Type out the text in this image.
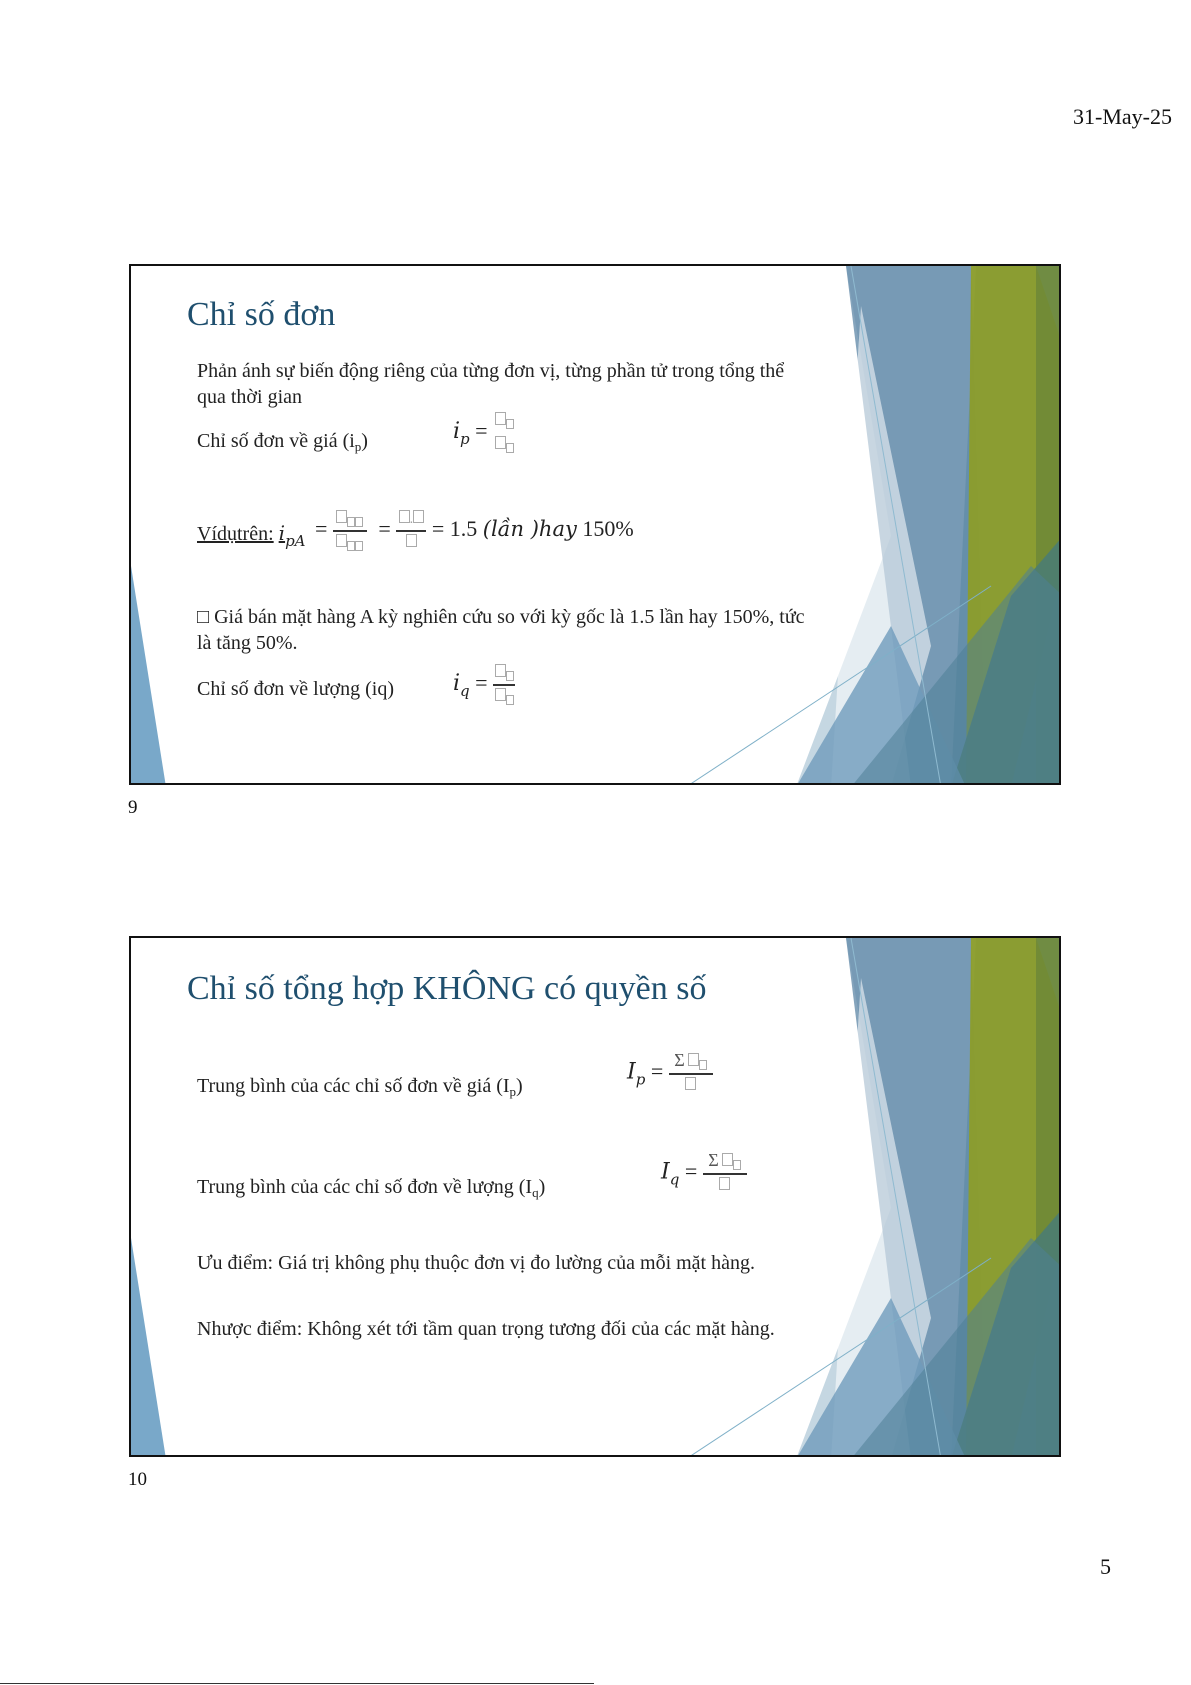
31-May-25
Chỉ số đơn
Phản ánh sự biến động riêng của từng đơn vị, từng phần tử trong tổng thể qua thời gian
Chỉ số đơn về giá $(i_p)$	$i_p$ =
Vídụtrên: $i_{pA}$ = =	. = 1.5 (lần )hay 150%
□ Giá bán mặt hàng A kỳ nghiên cứu so với kỳ gốc là 1.5 lần hay 150%, tức là tăng 50%.
Chỉ số đơn về lượng (iq)	$i_q$ =
9
Chỉ số tổng hợp KHÔNG có quyền số
Trung bình của các chỉ số đơn về giá $(I_p)$
$I_p = \Sigma$
Trung bình của các chỉ số đơn về lượng $(I_q)$
$I_q = \Sigma$
Ưu điểm: Giá trị không phụ thuộc đơn vị đo lường của mỗi mặt hàng.
Nhược điểm: Không xét tới tầm quan trọng tương đối của các mặt hàng.
10
5
